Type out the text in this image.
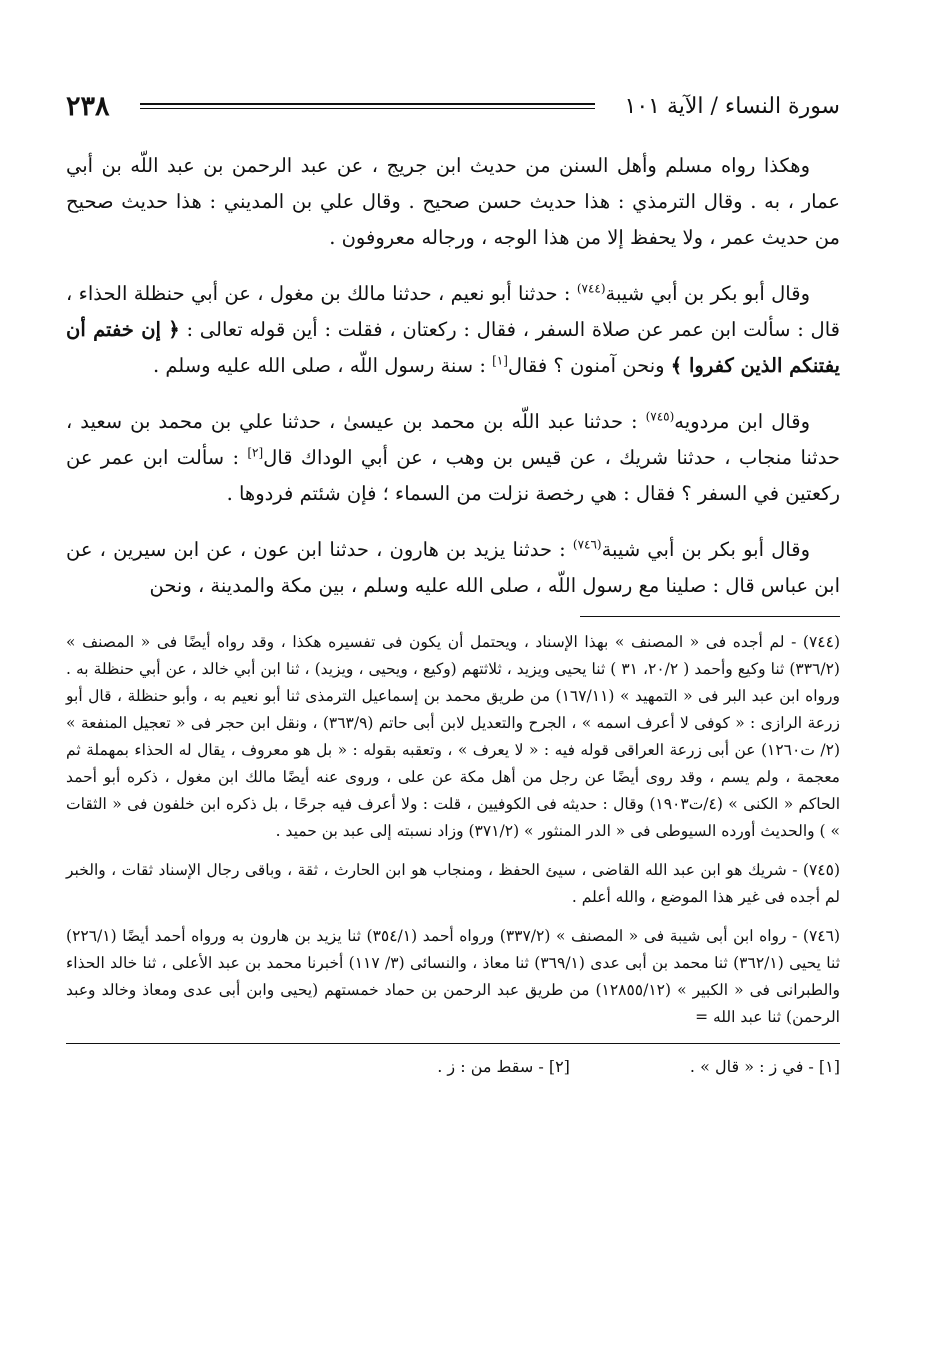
سورة النساء / الآية ١٠١
٢٣٨

وهكذا رواه مسلم وأهل السنن من حديث ابن جريج ، عن عبد الرحمن بن عبد اللّه بن أبي عمار ، به . وقال الترمذي : هذا حديث حسن صحيح . وقال علي بن المديني : هذا حديث صحيح من حديث عمر ، ولا يحفظ إلا من هذا الوجه ، ورجاله معروفون .

وقال أبو بكر بن أبي شيبة$^{(٧٤٤)}$ : حدثنا أبو نعيم ، حدثنا مالك بن مغول ، عن أبي حنظلة الحذاء ، قال : سألت ابن عمر عن صلاة السفر ، فقال : ركعتان ، فقلت : أين قوله تعالى : ﴿ إن خفتم أن يفتنكم الذين كفروا ﴾ ونحن آمنون ؟ فقال[١] : سنة رسول اللّه ، صلى الله عليه وسلم .

وقال ابن مردويه$^{(٧٤٥)}$ : حدثنا عبد اللّه بن محمد بن عيسىٰ ، حدثنا علي بن محمد بن سعيد ، حدثنا منجاب ، حدثنا شريك ، عن قيس بن وهب ، عن أبي الوداك قال[٢] : سألت ابن عمر عن ركعتين في السفر ؟ فقال : هي رخصة نزلت من السماء ؛ فإن شئتم فردوها .

وقال أبو بكر بن أبي شيبة$^{(٧٤٦)}$ : حدثنا يزيد بن هارون ، حدثنا ابن عون ، عن ابن سيرين ، عن ابن عباس قال : صلينا مع رسول اللّه ، صلى الله عليه وسلم ، بين مكة والمدينة ، ونحن

(٧٤٤) - لم أجده فى « المصنف » بهذا الإسناد ، ويحتمل أن يكون فى تفسيره هكذا ، وقد رواه أيضًا فى « المصنف » (٣٣٦/٢) ثنا وكيع وأحمد ( ٢٠/٢، ٣١ ) ثنا يحيى ويزيد ، ثلاثتهم (وكيع ، ويحيى ، ويزيد) ، ثنا ابن أبي خالد ، عن أبي حنظلة به . ورواه ابن عبد البر فى « التمهيد » (١٦٧/١١) من طريق محمد بن إسماعيل الترمذى ثنا أبو نعيم به ، وأبو حنظلة ، قال أبو زرعة الرازى : « كوفى لا أعرف اسمه » ، الجرح والتعديل لابن أبى حاتم (٣٦٣/٩) ، ونقل ابن حجر فى « تعجيل المنفعة » (٢/ ت١٢٦٠) عن أبى زرعة العراقى قوله فيه : « لا يعرف » ، وتعقبه بقوله : « بل هو معروف ، يقال له الحذاء بمهملة ثم معجمة ، ولم يسم ، وقد روى أيضًا عن رجل من أهل مكة عن على ، وروى عنه أيضًا مالك ابن مغول ، ذكره أبو أحمد الحاكم « الكنى » (٤/ت١٩٠٣) وقال : حديثه فى الكوفيين ، قلت : ولا أعرف فيه جرحًا ، بل ذكره ابن خلفون فى « الثقات » ) والحديث أورده السيوطى فى « الدر المنثور » (٣٧١/٢) وزاد نسبته إلى عبد بن حميد .

(٧٤٥) - شريك هو ابن عبد الله القاضى ، سيئ الحفظ ، ومنجاب هو ابن الحارث ، ثقة ، وباقى رجال الإسناد ثقات ، والخبر لم أجده فى غير هذا الموضع ، والله أعلم .

(٧٤٦) - رواه ابن أبى شيبة فى « المصنف » (٣٣٧/٢) ورواه أحمد (٣٥٤/١) ثنا يزيد بن هارون به ورواه أحمد أيضًا (٢٢٦/١) ثنا يحيى (٣٦٢/١) ثنا محمد بن أبى عدى (٣٦٩/١) ثنا معاذ ، والنسائى (٣/ ١١٧) أخبرنا محمد بن عبد الأعلى ، ثنا خالد الحذاء والطبرانى فى « الكبير » (١٢٨٥٥/١٢) من طريق عبد الرحمن بن حماد خمستهم (يحيى وابن أبى عدى ومعاذ وخالد وعبد الرحمن) ثنا عبد الله =

[١] - في ز : « قال » .
[٢] - سقط من : ز .
